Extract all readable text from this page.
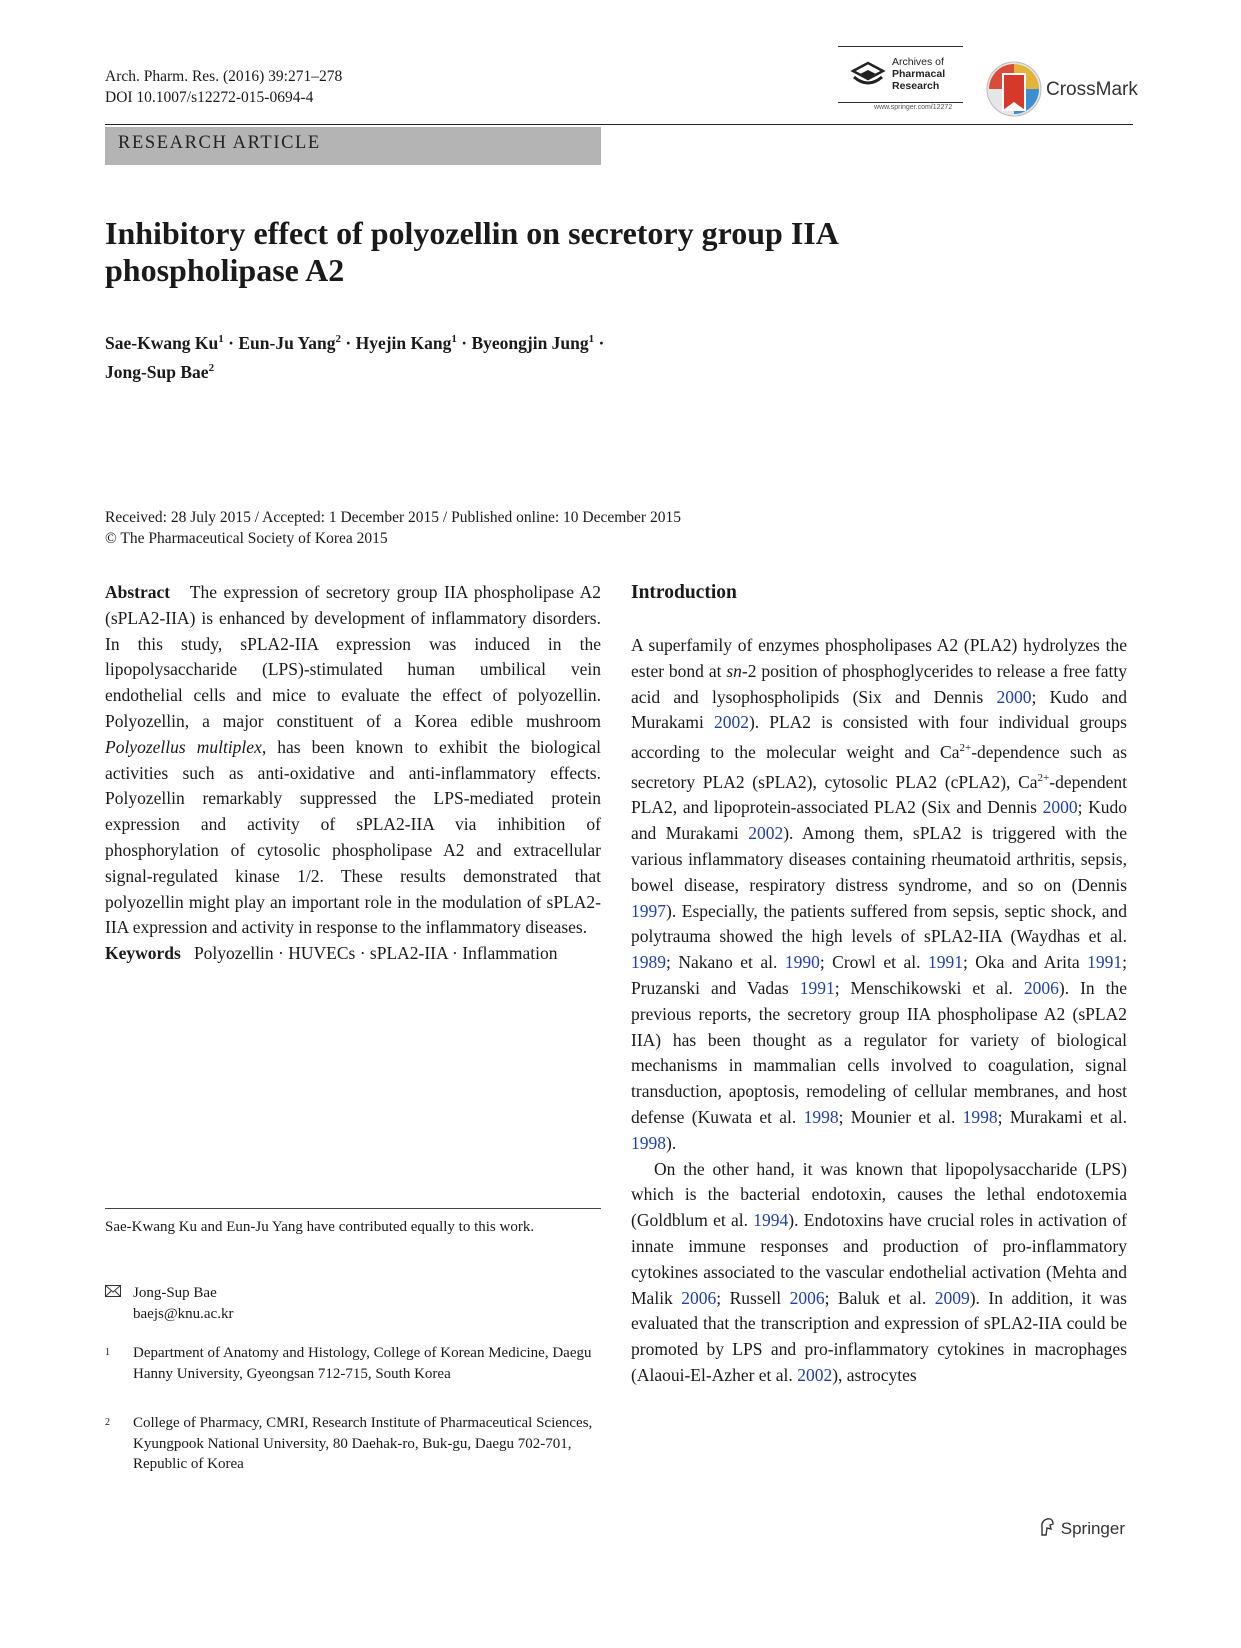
Arch. Pharm. Res. (2016) 39:271–278
DOI 10.1007/s12272-015-0694-4
Archives of
Pharmacal
Research
www.springer.com/12272
CrossMark
RESEARCH ARTICLE
Inhibitory effect of polyozellin on secretory group IIA
phospholipase A2
Sae-Kwang $Ku^1 \cdot Eun-Ju$ Yang$^2$ · Hyejin Kang$^1$ · Byeongjin Jung$^1$ ·
Jong-Sup Bae$^2$
Received: 28 July 2015 / Accepted: 1 December 2015 / Published online: 10 December 2015
© The Pharmaceutical Society of Korea 2015

Abstract The expression of secretory group IIA phospholipase A2 (sPLA2-IIA) is enhanced by development of inflammatory disorders. In this study, sPLA2-IIA expression was induced in the lipopolysaccharide (LPS)-stimulated human umbilical vein endothelial cells and mice to evaluate the effect of polyozellin. Polyozellin, a major constituent of a Korea edible mushroom Polyozellus multiplex, has been known to exhibit the biological activities such as anti-oxidative and anti-inflammatory effects. Polyozellin remarkably suppressed the LPS-mediated protein expression and activity of sPLA2-IIA via inhibition of phosphorylation of cytosolic phospholipase A2 and extracellular signal-regulated kinase 1/2. These results demonstrated that polyozellin might play an important role in the modulation of sPLA2-IIA expression and activity in response to the inflammatory diseases.

Keywords Polyozellin · HUVECs · sPLA2-IIA · Inflammation

Sae-Kwang Ku and Eun-Ju Yang have contributed equally to this work.
Jong-Sup Bae
baejs@knu.ac.kr
1	Department of Anatomy and Histology, College of Korean Medicine, Daegu Hanny University, Gyeongsan 712-715, South Korea
2	College of Pharmacy, CMRI, Research Institute of Pharmaceutical Sciences, Kyungpook National University, 80 Daehak-ro, Buk-gu, Daegu 702-701, Republic of Korea
Introduction

A superfamily of enzymes phospholipases A2 (PLA2) hydrolyzes the ester bond at sn-2 position of phosphoglycerides to release a free fatty acid and lysophospholipids (Six and Dennis 2000; Kudo and Murakami 2002). PLA2 is consisted with four individual groups according to the molecular weight and $Ca^{2+}$-dependence such as secretory PLA2 (sPLA2), cytosolic PLA2 (cPLA2), $Ca^{2+}$-dependent PLA2, and lipoprotein-associated PLA2 (Six and Dennis 2000; Kudo and Murakami 2002). Among them, sPLA2 is triggered with the various inflammatory diseases containing rheumatoid arthritis, sepsis, bowel disease, respiratory distress syndrome, and so on (Dennis 1997). Especially, the patients suffered from sepsis, septic shock, and polytrauma showed the high levels of sPLA2-IIA (Waydhas et al. 1989; Nakano et al. 1990; Crowl et al. 1991; Oka and Arita 1991; Pruzanski and Vadas 1991; Menschikowski et al. 2006). In the previous reports, the secretory group IIA phospholipase A2 (sPLA2 IIA) has been thought as a regulator for variety of biological mechanisms in mammalian cells involved to coagulation, signal transduction, apoptosis, remodeling of cellular membranes, and host defense (Kuwata et al. 1998; Mounier et al. 1998; Murakami et al. 1998).

On the other hand, it was known that lipopolysaccharide (LPS) which is the bacterial endotoxin, causes the lethal endotoxemia (Goldblum et al. 1994). Endotoxins have crucial roles in activation of innate immune responses and production of pro-inflammatory cytokines associated to the vascular endothelial activation (Mehta and Malik 2006; Russell 2006; Baluk et al. 2009). In addition, it was evaluated that the transcription and expression of sPLA2-IIA could be promoted by LPS and pro-inflammatory cytokines in macrophages (Alaoui-El-Azher et al. 2002), astrocytes

Springer
